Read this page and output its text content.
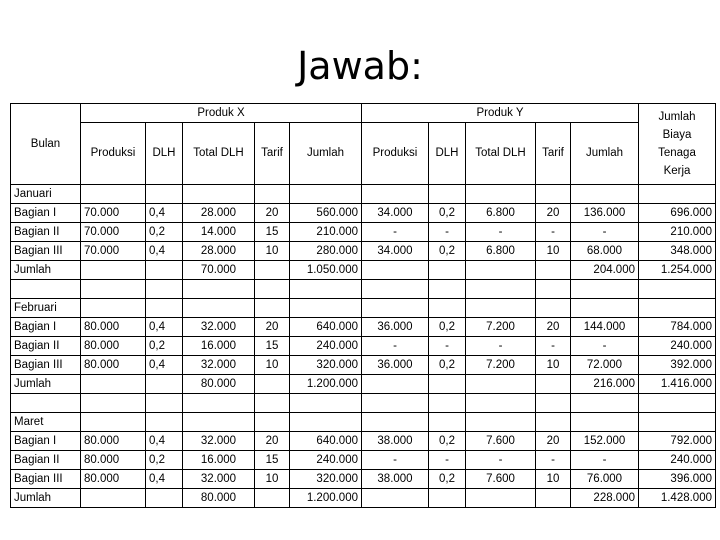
Jawab:
Bulan	Produk X					Produk Y					Jumlah
Biaya
Tenaga
Kerja

	Produksi	DLH	Total DLH	Tarif	Jumlah	Produksi	DLH	Total DLH	Tarif	Jumlah	
Januari											
Bagian I	70.000	0,4	28.000	20	560.000	34.000	0,2	6.800	20	136.000	696.000
Bagian II	70.000	0,2	14.000	15	210.000	-	-	-	-	-	210.000
Bagian III	70.000	0,4	28.000	10	280.000	34.000	0,2	6.800	10	68.000	348.000
Jumlah			70.000		1.050.000					204.000	1.254.000

Februari											
Bagian I	80.000	0,4	32.000	20	640.000	36.000	0,2	7.200	20	144.000	784.000
Bagian II	80.000	0,2	16.000	15	240.000	-	-	-	-	-	240.000
Bagian III	80.000	0,4	32.000	10	320.000	36.000	0,2	7.200	10	72.000	392.000
Jumlah			80.000		1.200.000					216.000	1.416.000

Maret											
Bagian I	80.000	0,4	32.000	20	640.000	38.000	0,2	7.600	20	152.000	792.000
Bagian II	80.000	0,2	16.000	15	240.000	-	-	-	-	-	240.000
Bagian III	80.000	0,4	32.000	10	320.000	38.000	0,2	7.600	10	76.000	396.000
Jumlah			80.000		1.200.000					228.000	1.428.000
